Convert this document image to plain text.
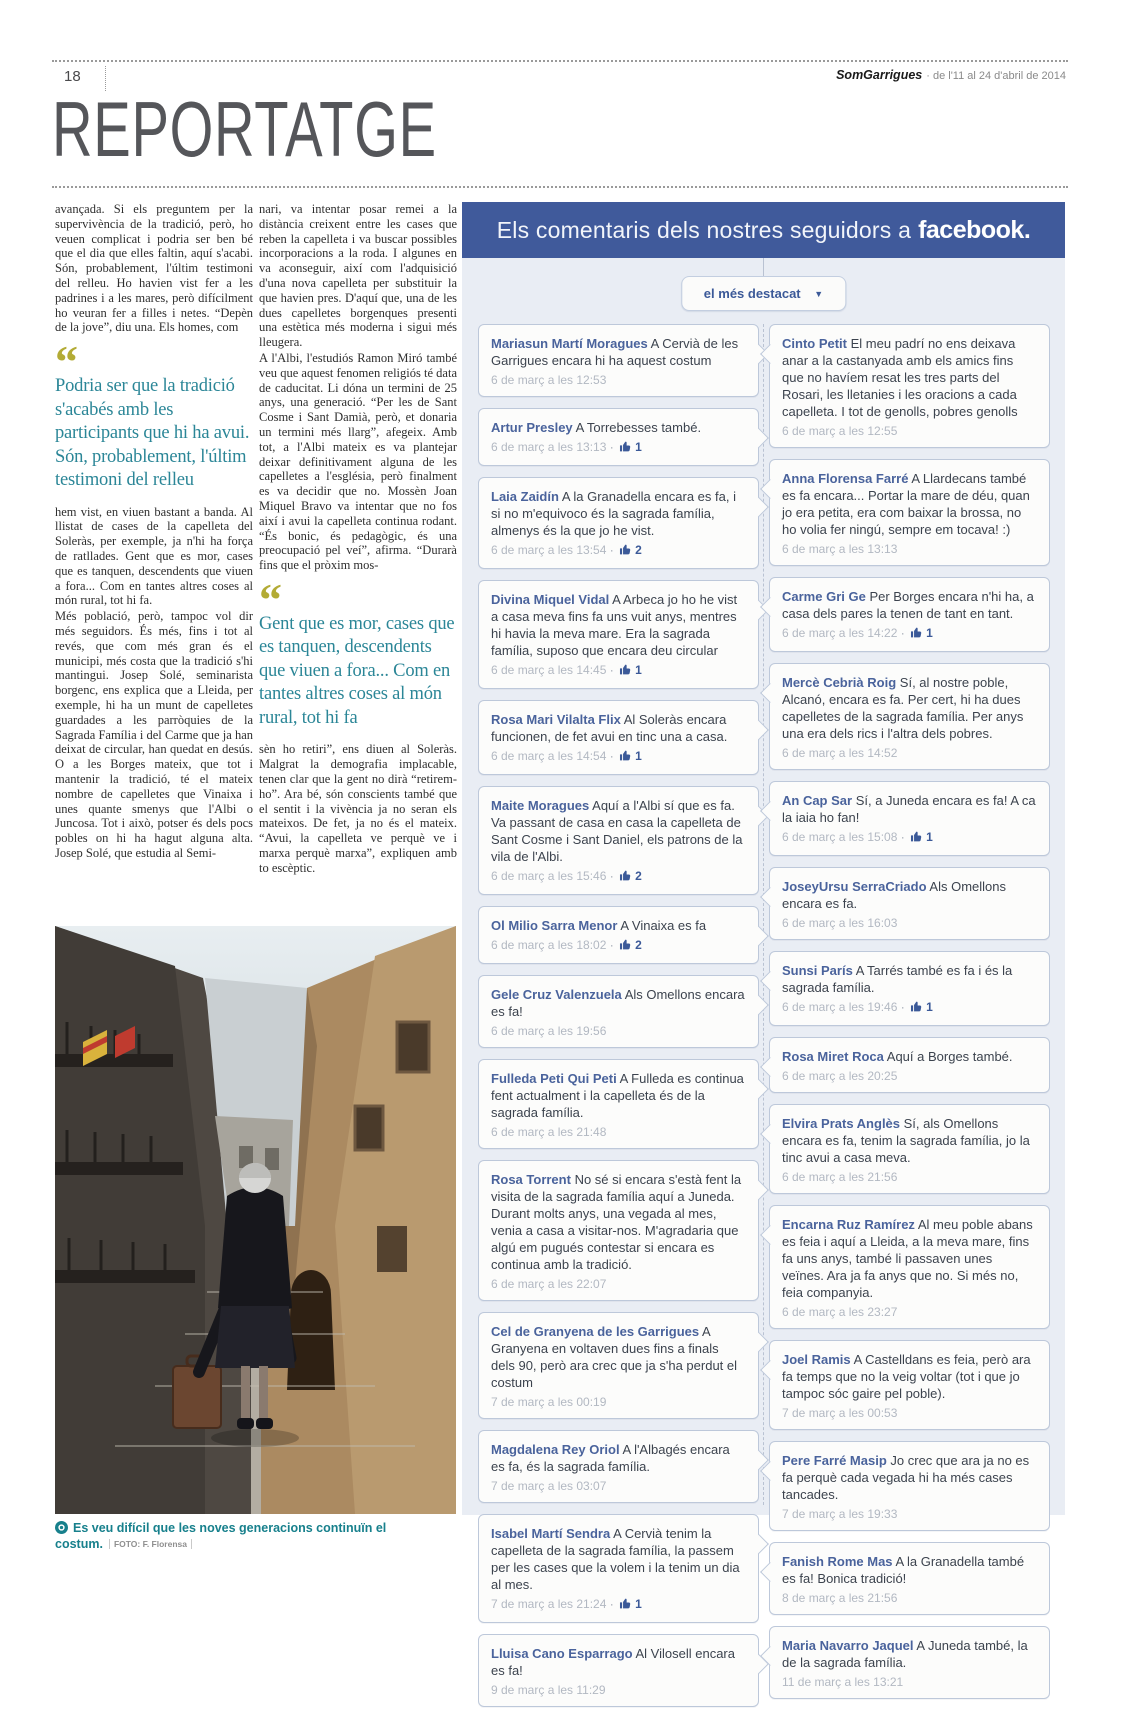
18	SomGarrigues · de l'11 al 24 d'abril de 2014
REPORTATGE

avançada. Si els preguntem per la supervivència de la tradició, però, ho veuen complicat i podria ser ben bé que el dia que elles faltin, aquí s'acabi. Són, probablement, l'últim testimoni del relleu. Ho havien vist fer a les padrines i a les mares, però difícilment ho veuran fer a filles i netes. “Depèn de la jove”, diu una. Els homes, com

“
Podria ser que la tradició s'acabés amb les participants que hi ha avui. Són, probablement, l'últim testimoni del relleu

hem vist, en viuen bastant a banda. Al llistat de cases de la capelleta del Soleràs, per exemple, ja n'hi ha força de ratllades. Gent que es mor, cases que es tanquen, descendents que viuen a fora... Com en tantes altres coses al món rural, tot hi fa.

Més població, però, tampoc vol dir més seguidors. És més, fins i tot al revés, que com més gran és el municipi, més costa que la tradició s'hi mantingui. Josep Solé, seminarista borgenc, ens explica que a Lleida, per exemple, hi ha un munt de capelletes guardades a les parròquies de la Sagrada Família i del Carme que ja han deixat de circular, han quedat en desús. O a les Borges mateix, que tot i mantenir la tradició, té el mateix nombre de capelletes que Vinaixa i unes quante smenys que l'Albi o Juncosa. Tot i això, potser és dels pocs pobles on hi ha hagut alguna alta. Josep Solé, que estudia al Semi-

nari, va intentar posar remei a la distància creixent entre les cases que reben la capelleta i va buscar possibles incorporacions a la roda. I algunes en va aconseguir, així com l'adquisició d'una nova capelleta per substituir la que havien pres. D'aquí que, una de les dues capelletes borgenques presenti una estètica més moderna i sigui més lleugera.

A l'Albi, l'estudiós Ramon Miró també veu que aquest fenomen religiós té data de caducitat. Li dóna un termini de 25 anys, una generació. “Per les de Sant Cosme i Sant Damià, però, et donaria un termini més llarg”, afegeix. Amb tot, a l'Albi mateix es va plantejar deixar definitivament alguna de les capelletes a l'església, però finalment es va decidir que no. Mossèn Joan Miquel Bravo va intentar que no fos així i avui la capelleta continua rodant. “És bonic, és pedagògic, és una preocupació pel veí”, afirma. “Durarà fins que el pròxim mos-

“
Gent que es mor, cases que es tanquen, descendents que viuen a fora... Com en tantes altres coses al món rural, tot hi fa

sèn ho retiri”, ens diuen al Soleràs. Malgrat la demografia implacable, tenen clar que la gent no dirà “retirem-ho”. Ara bé, són conscients també que el sentit i la vivència ja no seran els mateixos. De fet, ja no és el mateix. “Avui, la capelleta ve perquè ve i marxa perquè marxa”, expliquen amb to escèptic.

Es veu difícil que les noves generacions continuïn el costum. FOTO: F. Florensa
Els comentaris dels nostres seguidors a facebook.
el més destacat ▼
Mariasun Martí Moragues A Cervià de les Garrigues encara hi ha aquest costum
6 de març a les 12:53
Artur Presley A Torrebesses també.
6 de març a les 13:13 · 1
Laia Zaidín A la Granadella encara es fa, i si no m'equivoco és la sagrada família, almenys és la que jo he vist.
6 de març a les 13:54 · 2
Divina Miquel Vidal A Arbeca jo ho he vist a casa meva fins fa uns vuit anys, mentres hi havia la meva mare. Era la sagrada família, suposo que encara deu circular
6 de març a les 14:45 · 1
Rosa Mari Vilalta Flix Al Soleràs encara funcionen, de fet avui en tinc una a casa.
6 de març a les 14:54 · 1
Maite Moragues Aquí a l'Albi sí que es fa. Va passant de casa en casa la capelleta de Sant Cosme i Sant Daniel, els patrons de la vila de l'Albi.
6 de març a les 15:46 · 2
Ol Milio Sarra Menor A Vinaixa es fa
6 de març a les 18:02 · 2
Gele Cruz Valenzuela Als Omellons encara es fa!
6 de març a les 19:56
Fulleda Peti Qui Peti A Fulleda es continua fent actualment i la capelleta és de la sagrada família.
6 de març a les 21:48
Rosa Torrent No sé si encara s'està fent la visita de la sagrada família aquí a Juneda. Durant molts anys, una vegada al mes, venia a casa a visitar-nos. M'agradaria que algú em pugués contestar si encara es continua amb la tradició.
6 de març a les 22:07
Cel de Granyena de les Garrigues A Granyena en voltaven dues fins a finals dels 90, però ara crec que ja s'ha perdut el costum
7 de març a les 00:19
Magdalena Rey Oriol A l'Albagés encara es fa, és la sagrada família.
7 de març a les 03:07
Isabel Martí Sendra A Cervià tenim la capelleta de la sagrada família, la passem per les cases que la volem i la tenim un dia al mes.
7 de març a les 21:24 · 1
Lluisa Cano Esparrago Al Vilosell encara es fa!
9 de març a les 11:29
Cinto Petit El meu padrí no ens deixava anar a la castanyada amb els amics fins que no havíem resat les tres parts del Rosari, les lletanies i les oracions a cada capelleta. I tot de genolls, pobres genolls
6 de març a les 12:55
Anna Florensa Farré A Llardecans també es fa encara... Portar la mare de déu, quan jo era petita, era com baixar la brossa, no ho volia fer ningú, sempre em tocava! :)
6 de març a les 13:13
Carme Gri Ge Per Borges encara n'hi ha, a casa dels pares la tenen de tant en tant.
6 de març a les 14:22 · 1
Mercè Cebrià Roig Sí, al nostre poble, Alcanó, encara es fa. Per cert, hi ha dues capelletes de la sagrada família. Per anys una era dels rics i l'altra dels pobres.
6 de març a les 14:52
An Cap Sar Sí, a Juneda encara es fa! A ca la iaia ho fan!
6 de març a les 15:08 · 1
JoseyUrsu SerraCriado Als Omellons encara es fa.
6 de març a les 16:03
Sunsi París A Tarrés també es fa i és la sagrada família.
6 de març a les 19:46 · 1
Rosa Miret Roca Aquí a Borges també.
6 de març a les 20:25
Elvira Prats Anglès Sí, als Omellons encara es fa, tenim la sagrada família, jo la tinc avui a casa meva.
6 de març a les 21:56
Encarna Ruz Ramírez Al meu poble abans es feia i aquí a Lleida, a la meva mare, fins fa uns anys, també li passaven unes veïnes. Ara ja fa anys que no. Si més no, feia companyia.
6 de març a les 23:27
Joel Ramis A Castelldans es feia, però ara fa temps que no la veig voltar (tot i que jo tampoc sóc gaire pel poble).
7 de març a les 00:53
Pere Farré Masip Jo crec que ara ja no es fa perquè cada vegada hi ha més cases tancades.
7 de març a les 19:33
Fanish Rome Mas A la Granadella també es fa! Bonica tradició!
8 de març a les 21:56
Maria Navarro Jaquel A Juneda també, la de la sagrada família.
11 de març a les 13:21
